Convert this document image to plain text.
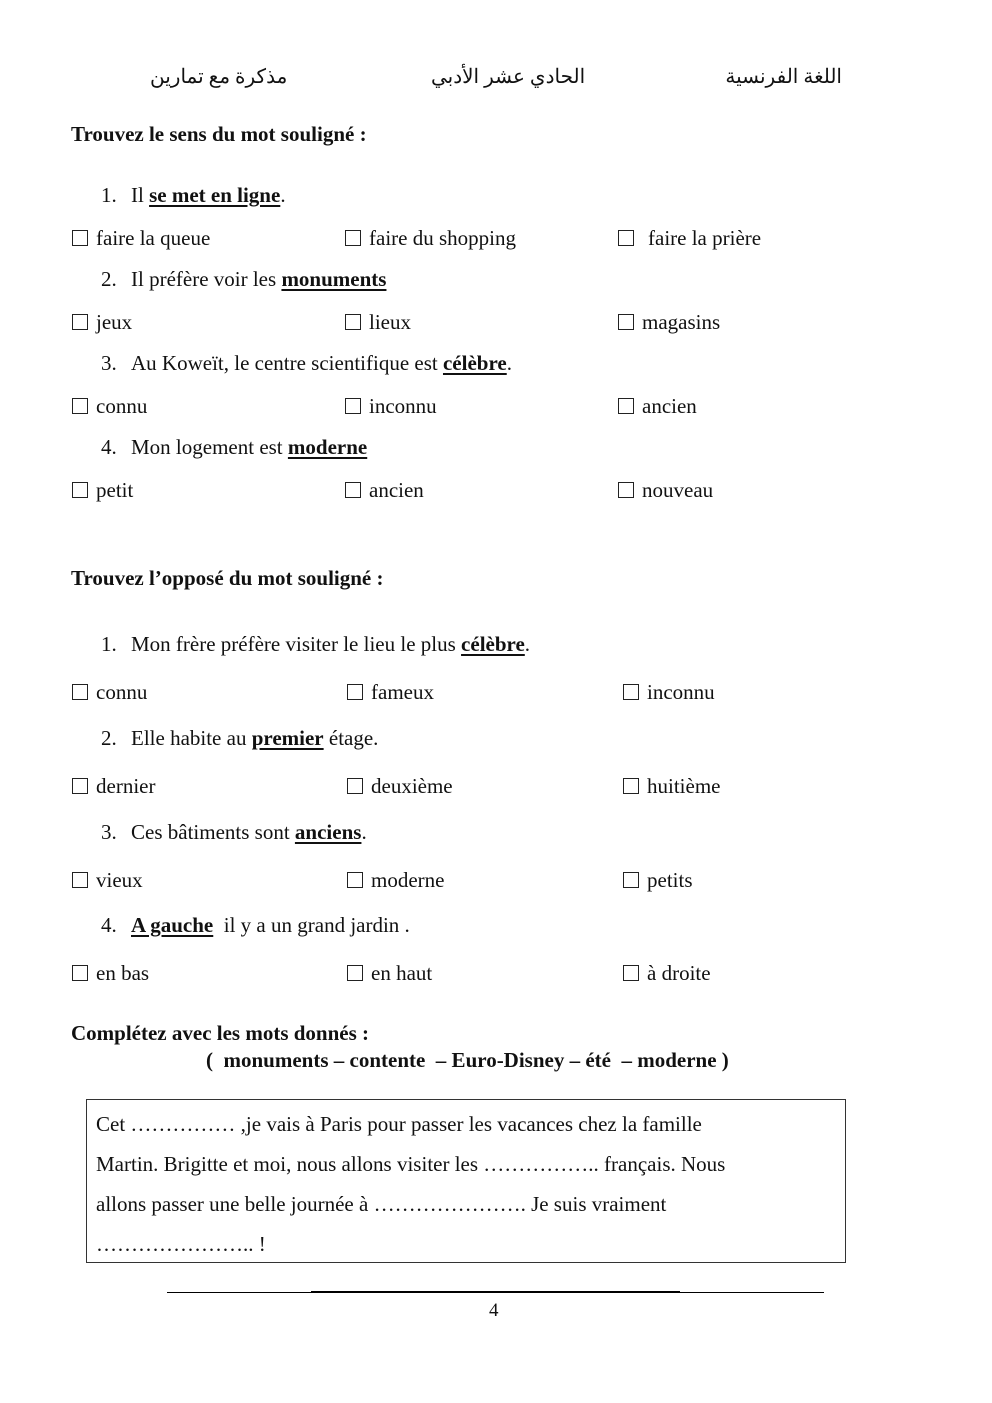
اللغة الفرنسية
الحادي عشر الأدبي
مذكرة مع تمارين
Trouvez le sens du mot souligné :
1. Il se met en ligne.
faire la queue	faire du shopping	faire la prière
2. Il préfère voir les monuments
jeux	lieux	magasins
3. Au Koweït, le centre scientifique est célèbre.
connu	inconnu	ancien
4. Mon logement est moderne
petit	ancien	nouveau
Trouvez l’opposé du mot souligné :
1. Mon frère préfère visiter le lieu le plus célèbre.
connu	fameux	inconnu
2. Elle habite au premier étage.
dernier	deuxième	huitième
3. Ces bâtiments sont anciens.
vieux	moderne	petits
4. A gauche  il y a un grand jardin .
en bas	en haut	à droite
Complétez avec les mots donnés :
(  monuments – contente  – Euro-Disney – été  – moderne )
Cet …………… ,je vais à Paris pour passer les vacances chez la famille
Martin. Brigitte et moi, nous allons visiter les …………….. français. Nous
allons passer une belle journée à …………………. Je suis vraiment
………………….. !
4
